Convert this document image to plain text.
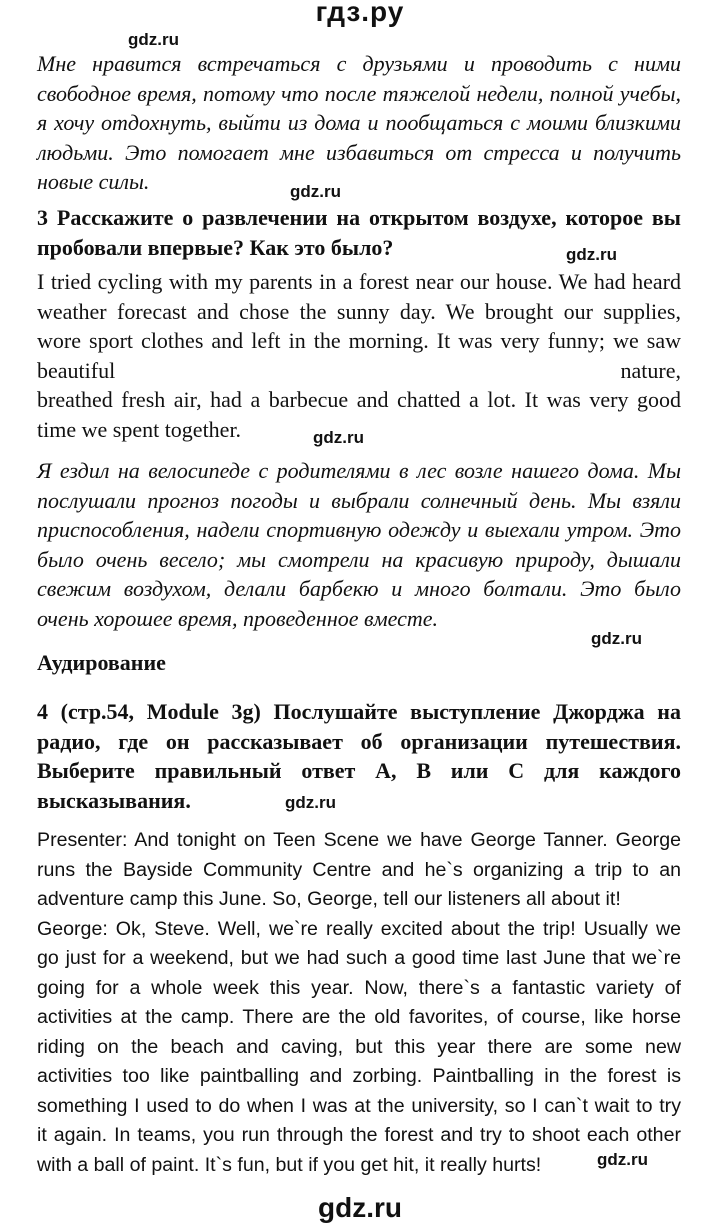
гдз.ру
gdz.ru
gdz.ru
gdz.ru
gdz.ru
gdz.ru
gdz.ru
gdz.ru
gdz.ru
Мне нравится встречаться с друзьями и проводить с ними
свободное время, потому что после тяжелой недели, полной учебы,
я хочу отдохнуть, выйти из дома и пообщаться с моими близкими
людьми. Это помогает мне избавиться от стресса и получить
новые силы.
3 Расскажите о развлечении на открытом воздухе, которое вы
пробовали впервые? Как это было?
I tried cycling with my parents in a forest near our house. We had heard
weather forecast and chose the sunny day. We brought our supplies,
wore sport clothes and left in the morning. It was very funny; we saw
beautiful	nature,
breathed fresh air, had a barbecue and chatted a lot. It was very good
time we spent together.
Я ездил на велосипеде с родителями в лес возле нашего дома. Мы
послушали прогноз погоды и выбрали солнечный день. Мы взяли
приспособления, надели спортивную одежду и выехали утром. Это
было очень весело; мы смотрели на красивую природу, дышали
свежим воздухом, делали барбекю и много болтали. Это было
очень хорошее время, проведенное вместе.
Аудирование
4 (стр.54, Module 3g) Послушайте выступление Джорджа на
радио, где он рассказывает об организации путешествия.
Выберите правильный ответ A, B или C для каждого
высказывания.
Presenter: And tonight on Teen Scene we have George Tanner. George
runs the Bayside Community Centre and he`s organizing a trip to an
adventure camp this June. So, George, tell our listeners all about it!
George: Ok, Steve. Well, we`re really excited about the trip! Usually we
go just for a weekend, but we had such a good time last June that we`re
going for a whole week this year. Now, there`s a fantastic variety of
activities at the camp. There are the old favorites, of course, like horse
riding on the beach and caving, but this year there are some new
activities too like paintballing and zorbing. Paintballing in the forest is
something I used to do when I was at the university, so I can`t wait to try
it again. In teams, you run through the forest and try to shoot each other
with a ball of paint. It`s fun, but if you get hit, it really hurts!
